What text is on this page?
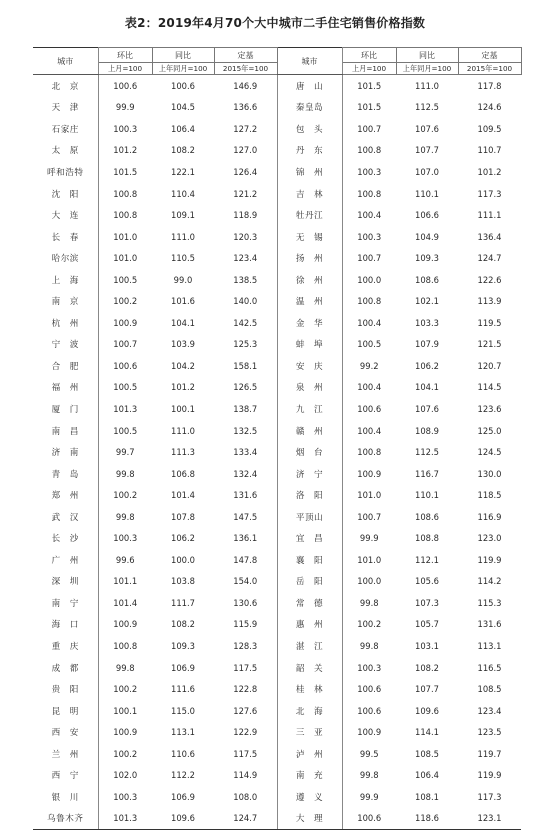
表2：2019年4月70个大中城市二手住宅销售价格指数
城市	环比	同比	定基	城市	环比	同比	定基
	上月=100	上年同月=100	2015年=100		上月=100	上年同月=100	2015年=100
北　京	100.6	100.6	146.9	唐　山	101.5	111.0	117.8
天　津	99.9	104.5	136.6	秦皇岛	101.5	112.5	124.6
石家庄	100.3	106.4	127.2	包　头	100.7	107.6	109.5
太　原	101.2	108.2	127.0	丹　东	100.8	107.7	110.7
呼和浩特	101.5	122.1	126.4	锦　州	100.3	107.0	101.2
沈　阳	100.8	110.4	121.2	吉　林	100.8	110.1	117.3
大　连	100.8	109.1	118.9	牡丹江	100.4	106.6	111.1
长　春	101.0	111.0	120.3	无　锡	100.3	104.9	136.4
哈尔滨	101.0	110.5	123.4	扬　州	100.7	109.3	124.7
上　海	100.5	99.0	138.5	徐　州	100.0	108.6	122.6
南　京	100.2	101.6	140.0	温　州	100.8	102.1	113.9
杭　州	100.9	104.1	142.5	金　华	100.4	103.3	119.5
宁　波	100.7	103.9	125.3	蚌　埠	100.5	107.9	121.5
合　肥	100.6	104.2	158.1	安　庆	99.2	106.2	120.7
福　州	100.5	101.2	126.5	泉　州	100.4	104.1	114.5
厦　门	101.3	100.1	138.7	九　江	100.6	107.6	123.6
南　昌	100.5	111.0	132.5	赣　州	100.4	108.9	125.0
济　南	99.7	111.3	133.4	烟　台	100.8	112.5	124.5
青　岛	99.8	106.8	132.4	济　宁	100.9	116.7	130.0
郑　州	100.2	101.4	131.6	洛　阳	101.0	110.1	118.5
武　汉	99.8	107.8	147.5	平顶山	100.7	108.6	116.9
长　沙	100.3	106.2	136.1	宜　昌	99.9	108.8	123.0
广　州	99.6	100.0	147.8	襄　阳	101.0	112.1	119.9
深　圳	101.1	103.8	154.0	岳　阳	100.0	105.6	114.2
南　宁	101.4	111.7	130.6	常　德	99.8	107.3	115.3
海　口	100.9	108.2	115.9	惠　州	100.2	105.7	131.6
重　庆	100.8	109.3	128.3	湛　江	99.8	103.1	113.1
成　都	99.8	106.9	117.5	韶　关	100.3	108.2	116.5
贵　阳	100.2	111.6	122.8	桂　林	100.6	107.7	108.5
昆　明	100.1	115.0	127.6	北　海	100.6	109.6	123.4
西　安	100.9	113.1	122.9	三　亚	100.9	114.1	123.5
兰　州	100.2	110.6	117.5	泸　州	99.5	108.5	119.7
西　宁	102.0	112.2	114.9	南　充	99.8	106.4	119.9
银　川	100.3	106.9	108.0	遵　义	99.9	108.1	117.3
乌鲁木齐	101.3	109.6	124.7	大　理	100.6	118.6	123.1
